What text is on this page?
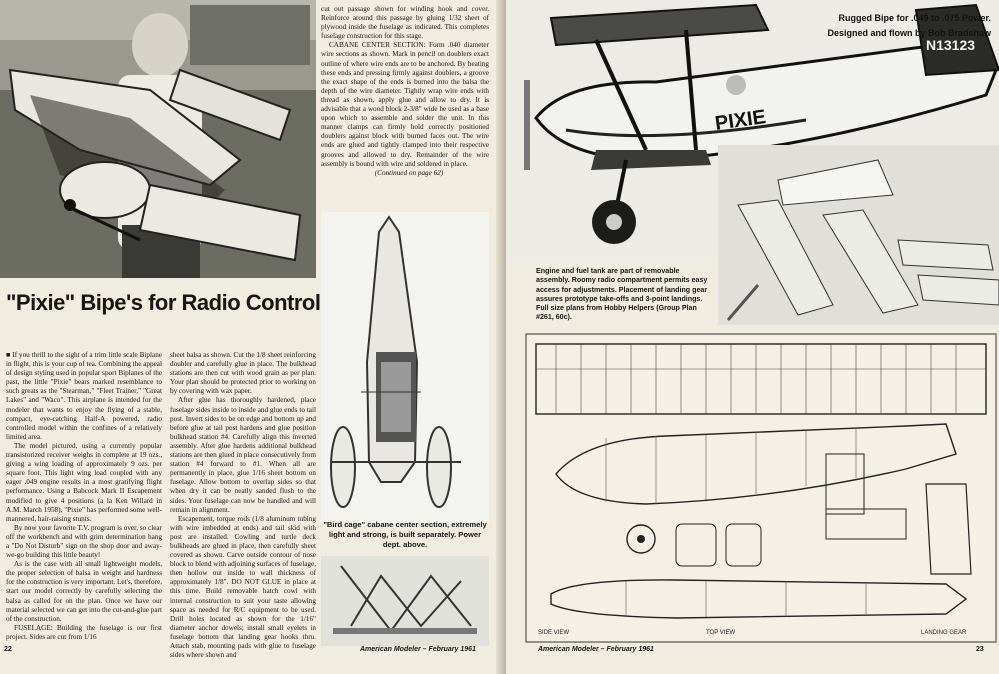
"Bird cage" cabane center section, extremely light and strong, is built separately. Power dept. above.
"Pixie" Bipe's for Radio Control

■ If you thrill to the sight of a trim little scale Biplane in flight, this is your cup of tea. Combining the appeal of design styling used in popular sport Biplanes of the past, the little "Pixie" bears marked resemblance to such greats as the "Stearman," "Fleet Trainer," "Great Lakes" and "Waco". This airplane is intended for the modeler that wants to enjoy the flying of a stable, compact, eye-catching Half-A powered, radio controlled model within the confines of a relatively limited area.

The model pictured, using a currently popular transistorized receiver weighs in complete at 19 ozs., giving a wing loading of approximately 9 ozs. per square foot. This light wing load coupled with any eager .049 engine results in a most gratifying flight performance. Using a Babcock Mark II Escapement modified to give 4 positions (a la Ken Willard in A.M. March 1958), "Pixie" has performed some well-mannered, hair-raising stunts.

By now your favorite T.V. program is over, so clear off the workbench and with grim determination hang a "Do Not Disturb" sign on the shop door and away-we-go building this little beauty!

As is the case with all small lightweight models, the proper selection of balsa in weight and hardness for the construction is very important. Let's, therefore, start our model correctly by carefully selecting the balsa as called for on the plan. Once we have our material selected we can get into the cut-and-glue part of the construction.

FUSELAGE: Building the fuselage is our first project. Sides are cut from 1/16

sheet balsa as shown. Cut the 1/8 sheet reinforcing doubler and carefully glue in place. The bulkhead stations are then cut with wood grain as per plan. Your plan should be protected prior to working on by covering with wax paper.

After glue has thoroughly hardened, place fuselage sides inside to inside and glue ends to tail post. Invert sides to be on edge and bottom up and before glue at tail post hardens and glue position bulkhead station #4. Carefully align this inverted assembly. After glue hardens additional bulkhead stations are then glued in place consecutively from station #4 forward to #1. When all are permanently in place, glue 1/16 sheet bottom on fuselage. Allow bottom to overlap sides so that when dry it can be neatly sanded flush to the sides. Your fuselage can now be handled and will remain in alignment.

Escapement, torque rods (1/8 aluminum tubing with wire imbedded at ends) and tail skid with post are installed. Cowling and turtle deck bulkheads are glued in place, then carefully sheet covered as shown. Carve outside contour of nose block to blend with adjoining surfaces of fuselage, then hollow out inside to wall thickness of approximately 1/8". DO NOT GLUE in place at this time. Build removable hatch cowl with internal construction to suit your taste allowing space as needed for R/C equipment to be used. Drill holes located as shown for the 1/16" diameter anchor dowels; install small eyelets in fuselage bottom that landing gear hooks thru. Attach stab, mounting pads with glue to fuselage sides where shown and

cut out passage shown for winding hook and cover. Reinforce around this passage by gluing 1/32 sheet of plywood inside the fuselage as indicated. This completes fuselage construction for this stage.

CABANE CENTER SECTION: Form .040 diameter wire sections as shown. Mark in pencil on doublers exact outline of where wire ends are to be anchored. By heating these ends and pressing firmly against doublers, a groove the exact shape of the ends is burned into the balsa the depth of the wire diameter. Tightly wrap wire ends with thread as shown, apply glue and allow to dry. It is advisable that a wood block 2-3/8" wide be used as a base upon which to assemble and solder the unit. In this manner clamps can firmly hold correctly positioned doublers against block with burned faces out. The wire ends are glued and tightly clamped into their respective grooves and allowed to dry. Remainder of the wire assembly is bound with wire and soldered in place.

(Continued on page 62)

22	American Modeler – February 1961
N13123
PIXIE
Rugged Bipe for .049 to .075 Power.
Designed and flown by Bob Bradshaw
Engine and fuel tank are part of removable assembly. Roomy radio compartment permits easy access for adjustments. Placement of landing gear assures prototype take-offs and 3-point landings. Full size plans from Hobby Helpers (Group Plan #261, 60c).
SIDE VIEW	TOP VIEW	LANDING GEAR
American Modeler – February 1961	23
